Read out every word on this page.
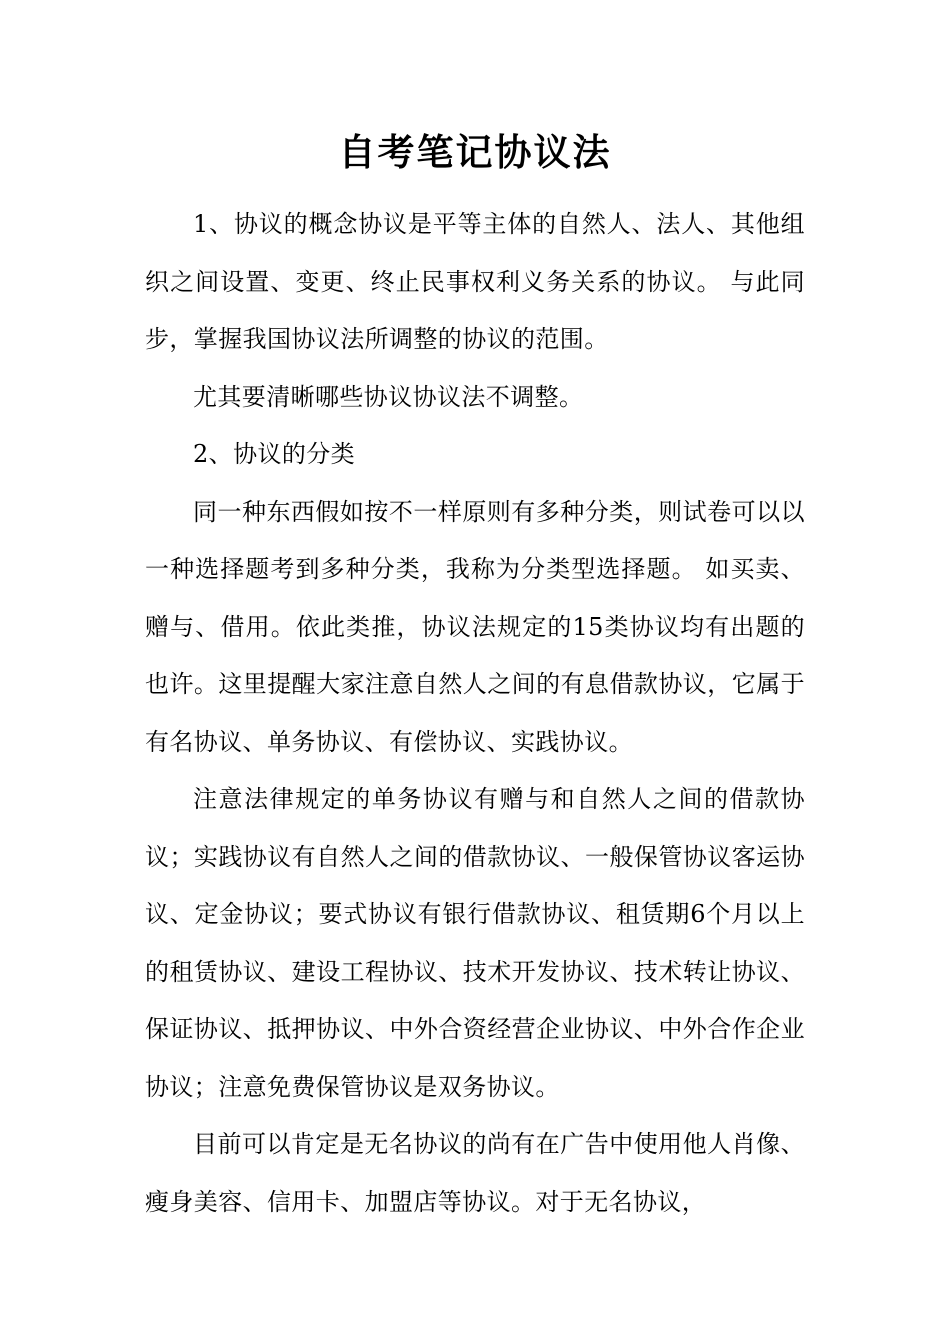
自考笔记协议法

1、协议的概念协议是平等主体的自然人、法人、其他组织之间设置、变更、终止民事权利义务关系的协议。 与此同步，掌握我国协议法所调整的协议的范围。

尤其要清晰哪些协议协议法不调整。

2、协议的分类

同一种东西假如按不一样原则有多种分类，则试卷可以以一种选择题考到多种分类，我称为分类型选择题。 如买卖、赠与、借用。依此类推，协议法规定的15类协议均有出题的也许。这里提醒大家注意自然人之间的有息借款协议，它属于有名协议、单务协议、有偿协议、实践协议。

注意法律规定的单务协议有赠与和自然人之间的借款协议；实践协议有自然人之间的借款协议、一般保管协议客运协议、定金协议；要式协议有银行借款协议、租赁期6个月以上的租赁协议、建设工程协议、技术开发协议、技术转让协议、保证协议、抵押协议、中外合资经营企业协议、中外合作企业协议；注意免费保管协议是双务协议。

目前可以肯定是无名协议的尚有在广告中使用他人肖像、瘦身美容、信用卡、加盟店等协议。对于无名协议，
